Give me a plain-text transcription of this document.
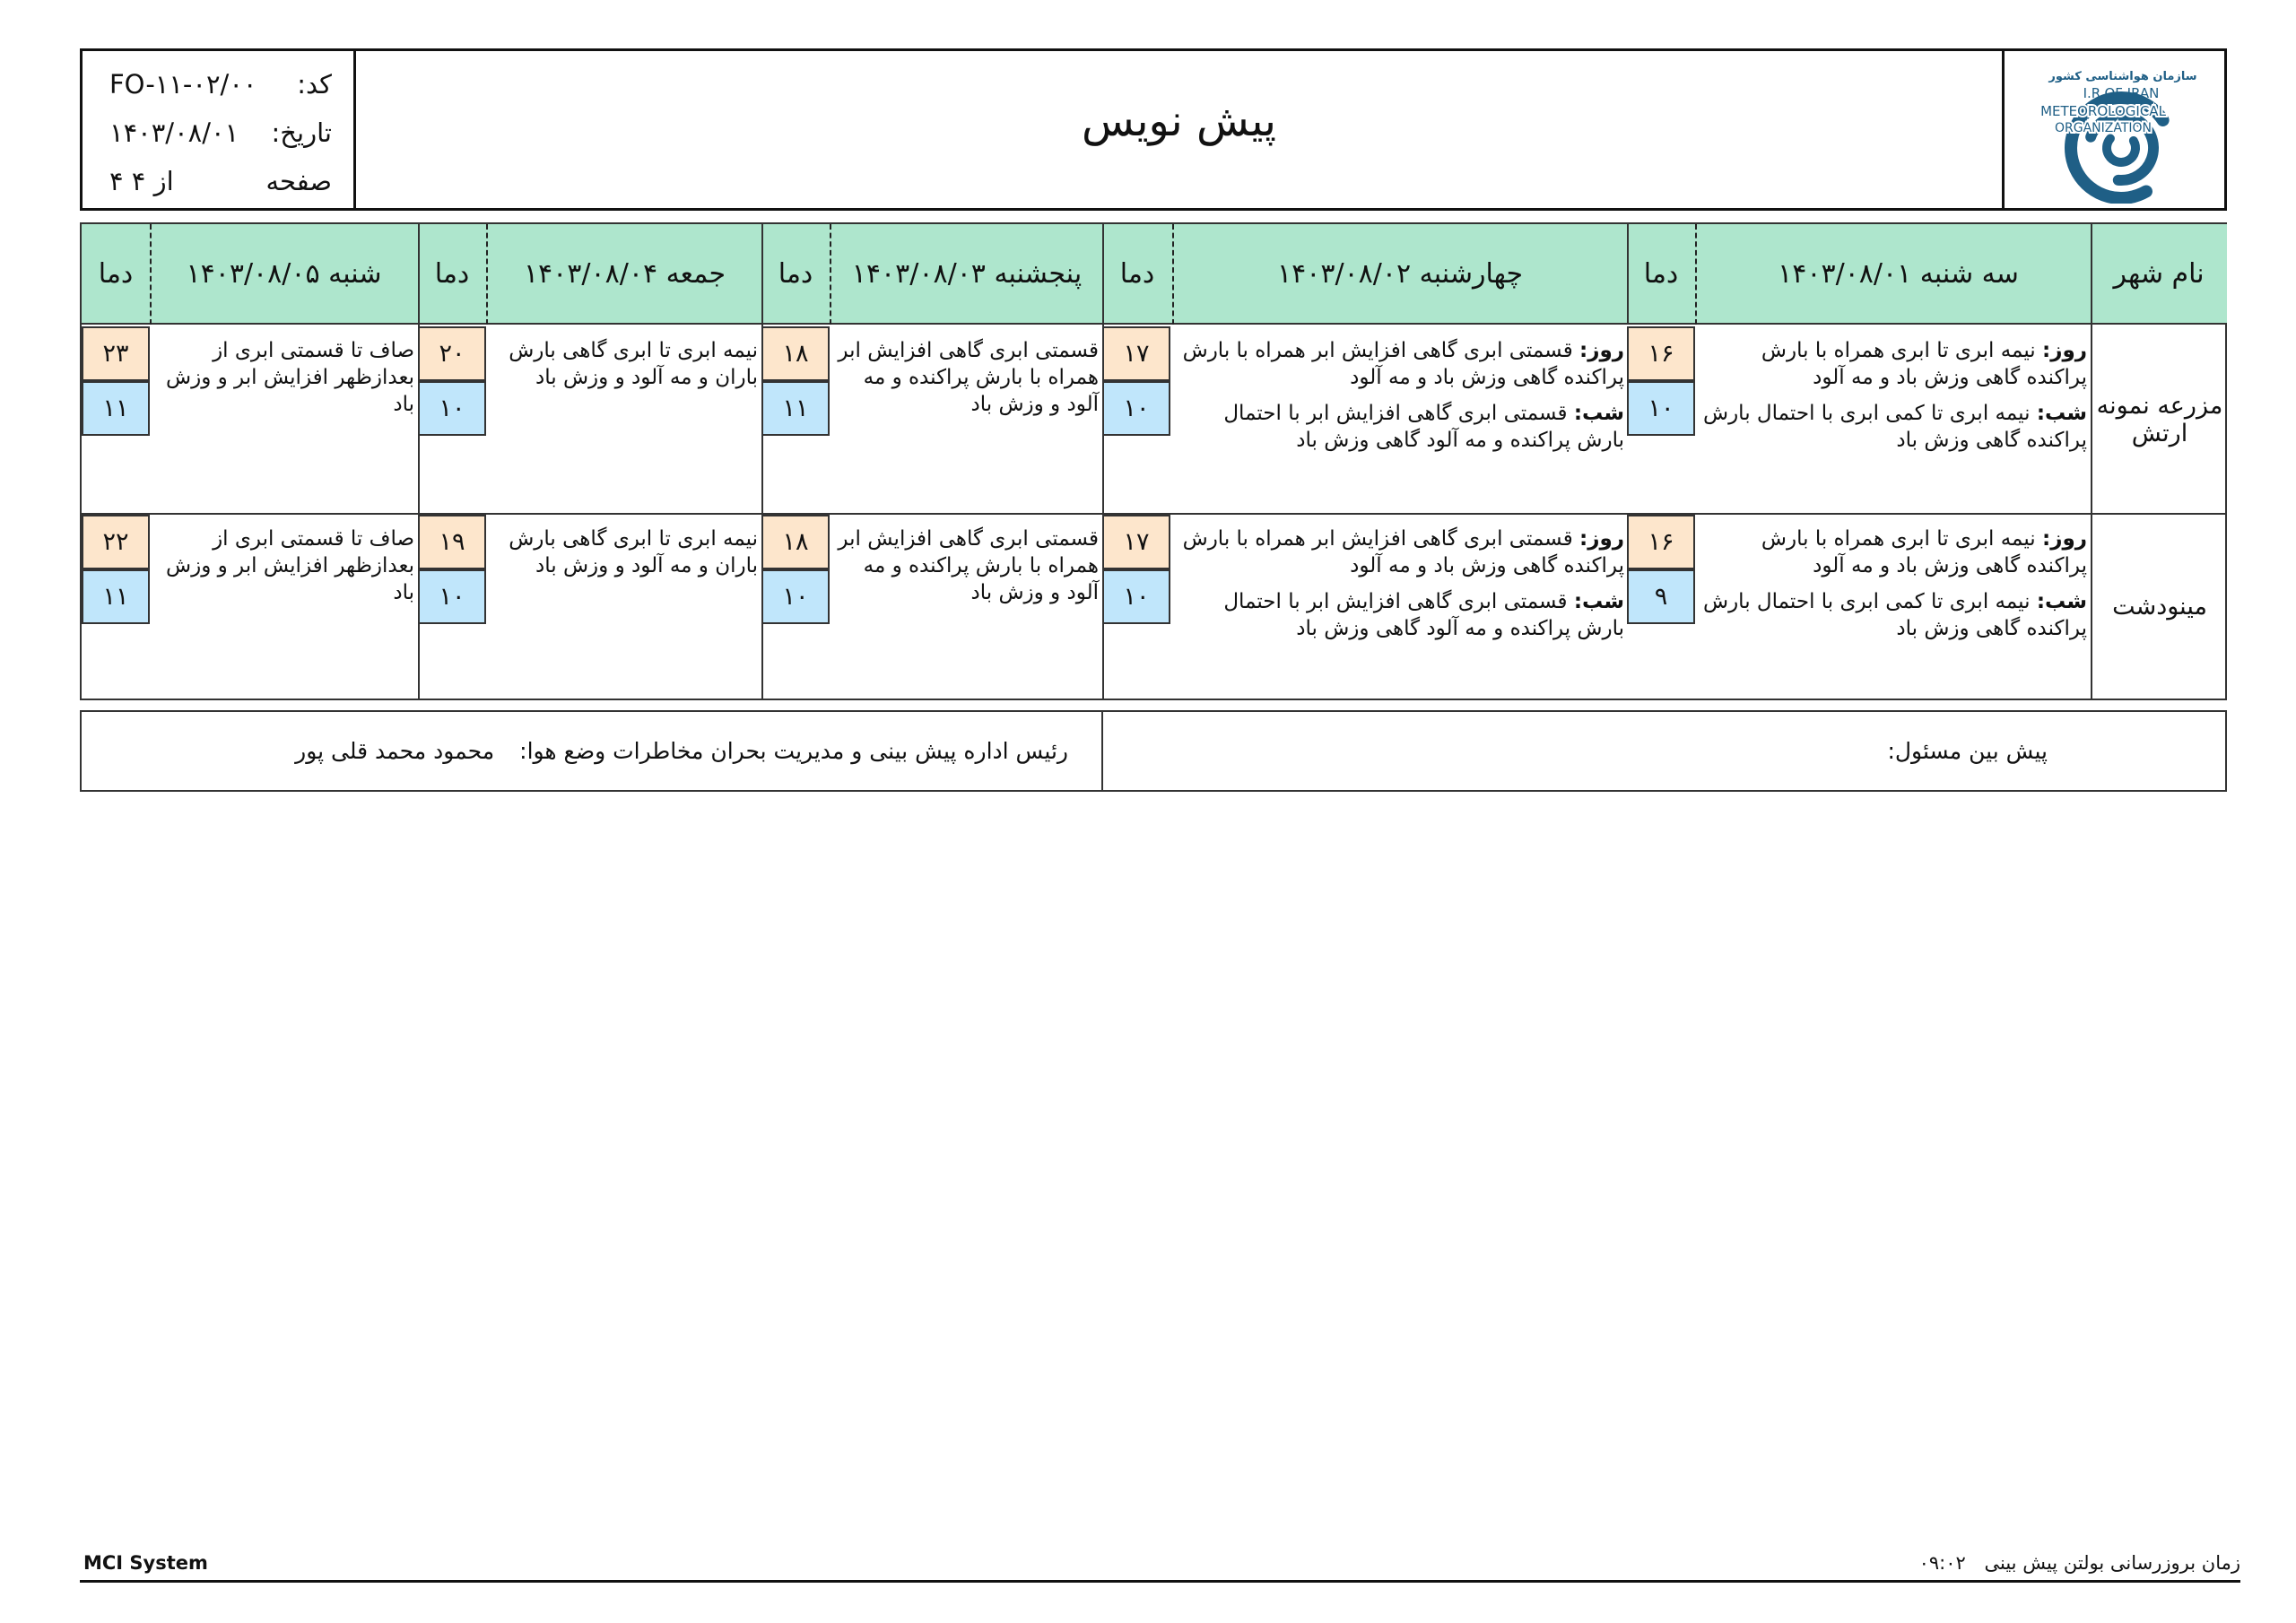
کد:
FO-۱۱-۰۲/۰۰
تاریخ:
۱۴۰۳/۰۸/۰۱
صفحه
۴ از ۴
پیش نویس
سازمان هواشناسی کشور
I.R.OF IRAN
METEOROLOGICAL
ORGANIZATION
نام شهر
سه شنبه ۱۴۰۳/۰۸/۰۱
دما
چهارشنبه ۱۴۰۳/۰۸/۰۲
دما
پنجشنبه ۱۴۰۳/۰۸/۰۳
دما
جمعه ۱۴۰۳/۰۸/۰۴
دما
شنبه ۱۴۰۳/۰۸/۰۵
دما
مزرعه نمونه ارتش

روز: نیمه ابری تا ابری همراه با بارش پراکنده گاهی وزش باد و مه آلود

شب: نیمه ابری تا کمی ابری با احتمال بارش پراکنده گاهی وزش باد

۱۶
۱۰

روز: قسمتی ابری گاهی افزایش ابر همراه با بارش پراکنده گاهی وزش باد و مه آلود

شب: قسمتی ابری گاهی افزایش ابر با احتمال بارش پراکنده و مه آلود گاهی وزش باد

۱۷
۱۰
قسمتی ابری گاهی افزایش ابر همراه با بارش پراکنده و مه آلود و وزش باد
۱۸
۱۱
نیمه ابری تا ابری گاهی بارش باران و مه آلود و وزش باد
۲۰
۱۰
صاف تا قسمتی ابری از بعدازظهر افزایش ابر و وزش باد
۲۳
۱۱
مینودشت

روز: نیمه ابری تا ابری همراه با بارش پراکنده گاهی وزش باد و مه آلود

شب: نیمه ابری تا کمی ابری با احتمال بارش پراکنده گاهی وزش باد

۱۶
۹

روز: قسمتی ابری گاهی افزایش ابر همراه با بارش پراکنده گاهی وزش باد و مه آلود

شب: قسمتی ابری گاهی افزایش ابر با احتمال بارش پراکنده و مه آلود گاهی وزش باد

۱۷
۱۰
قسمتی ابری گاهی افزایش ابر همراه با بارش پراکنده و مه آلود و وزش باد
۱۸
۱۰
نیمه ابری تا ابری گاهی بارش باران و مه آلود و وزش باد
۱۹
۱۰
صاف تا قسمتی ابری از بعدازظهر افزایش ابر و وزش باد
۲۲
۱۱
پیش بین مسئول:
رئیس اداره پیش بینی و مدیریت بحران مخاطرات وضع هوا:
محمود محمد قلی پور
MCI System	زمان بروزرسانی بولتن پیش بینی ۰۹:۰۲
